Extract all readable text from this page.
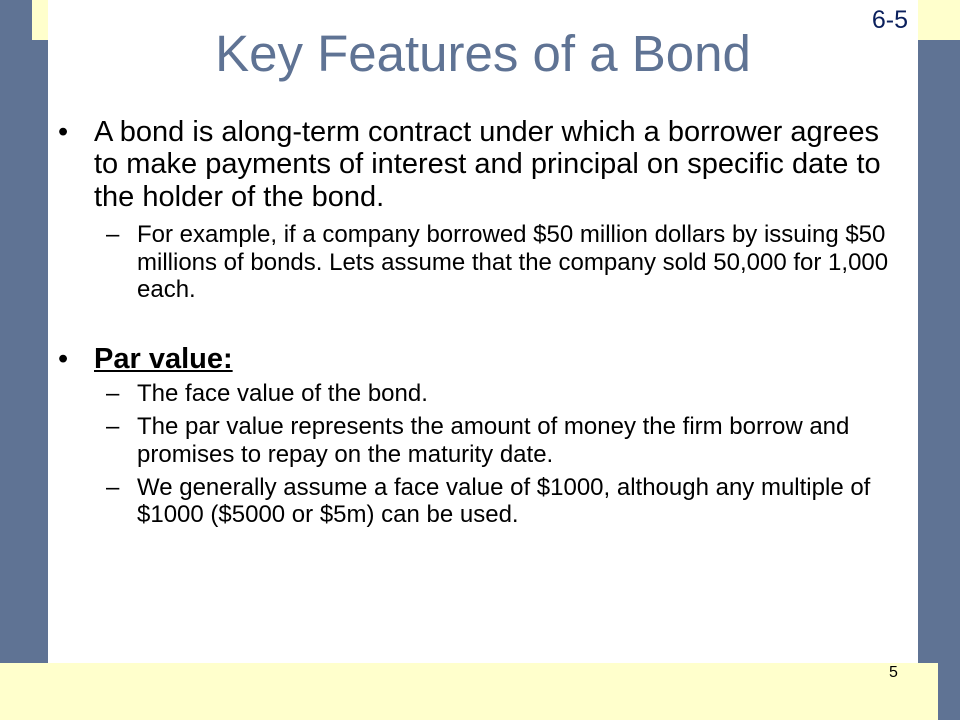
6-5
Key Features of a Bond
• A bond is along-term contract under which a borrower agrees to make payments of interest and principal on specific date to the holder of the bond.
– For example, if a company borrowed $50 million dollars by issuing $50 millions of bonds. Lets assume that the company sold 50,000 for 1,000 each.
• Par value:
– The face value of the bond.
– The par value represents the amount of money the firm borrow and promises to repay on the maturity date.
– We generally assume a face value of $1000, although any multiple of $1000 ($5000 or $5m) can be used.
5
